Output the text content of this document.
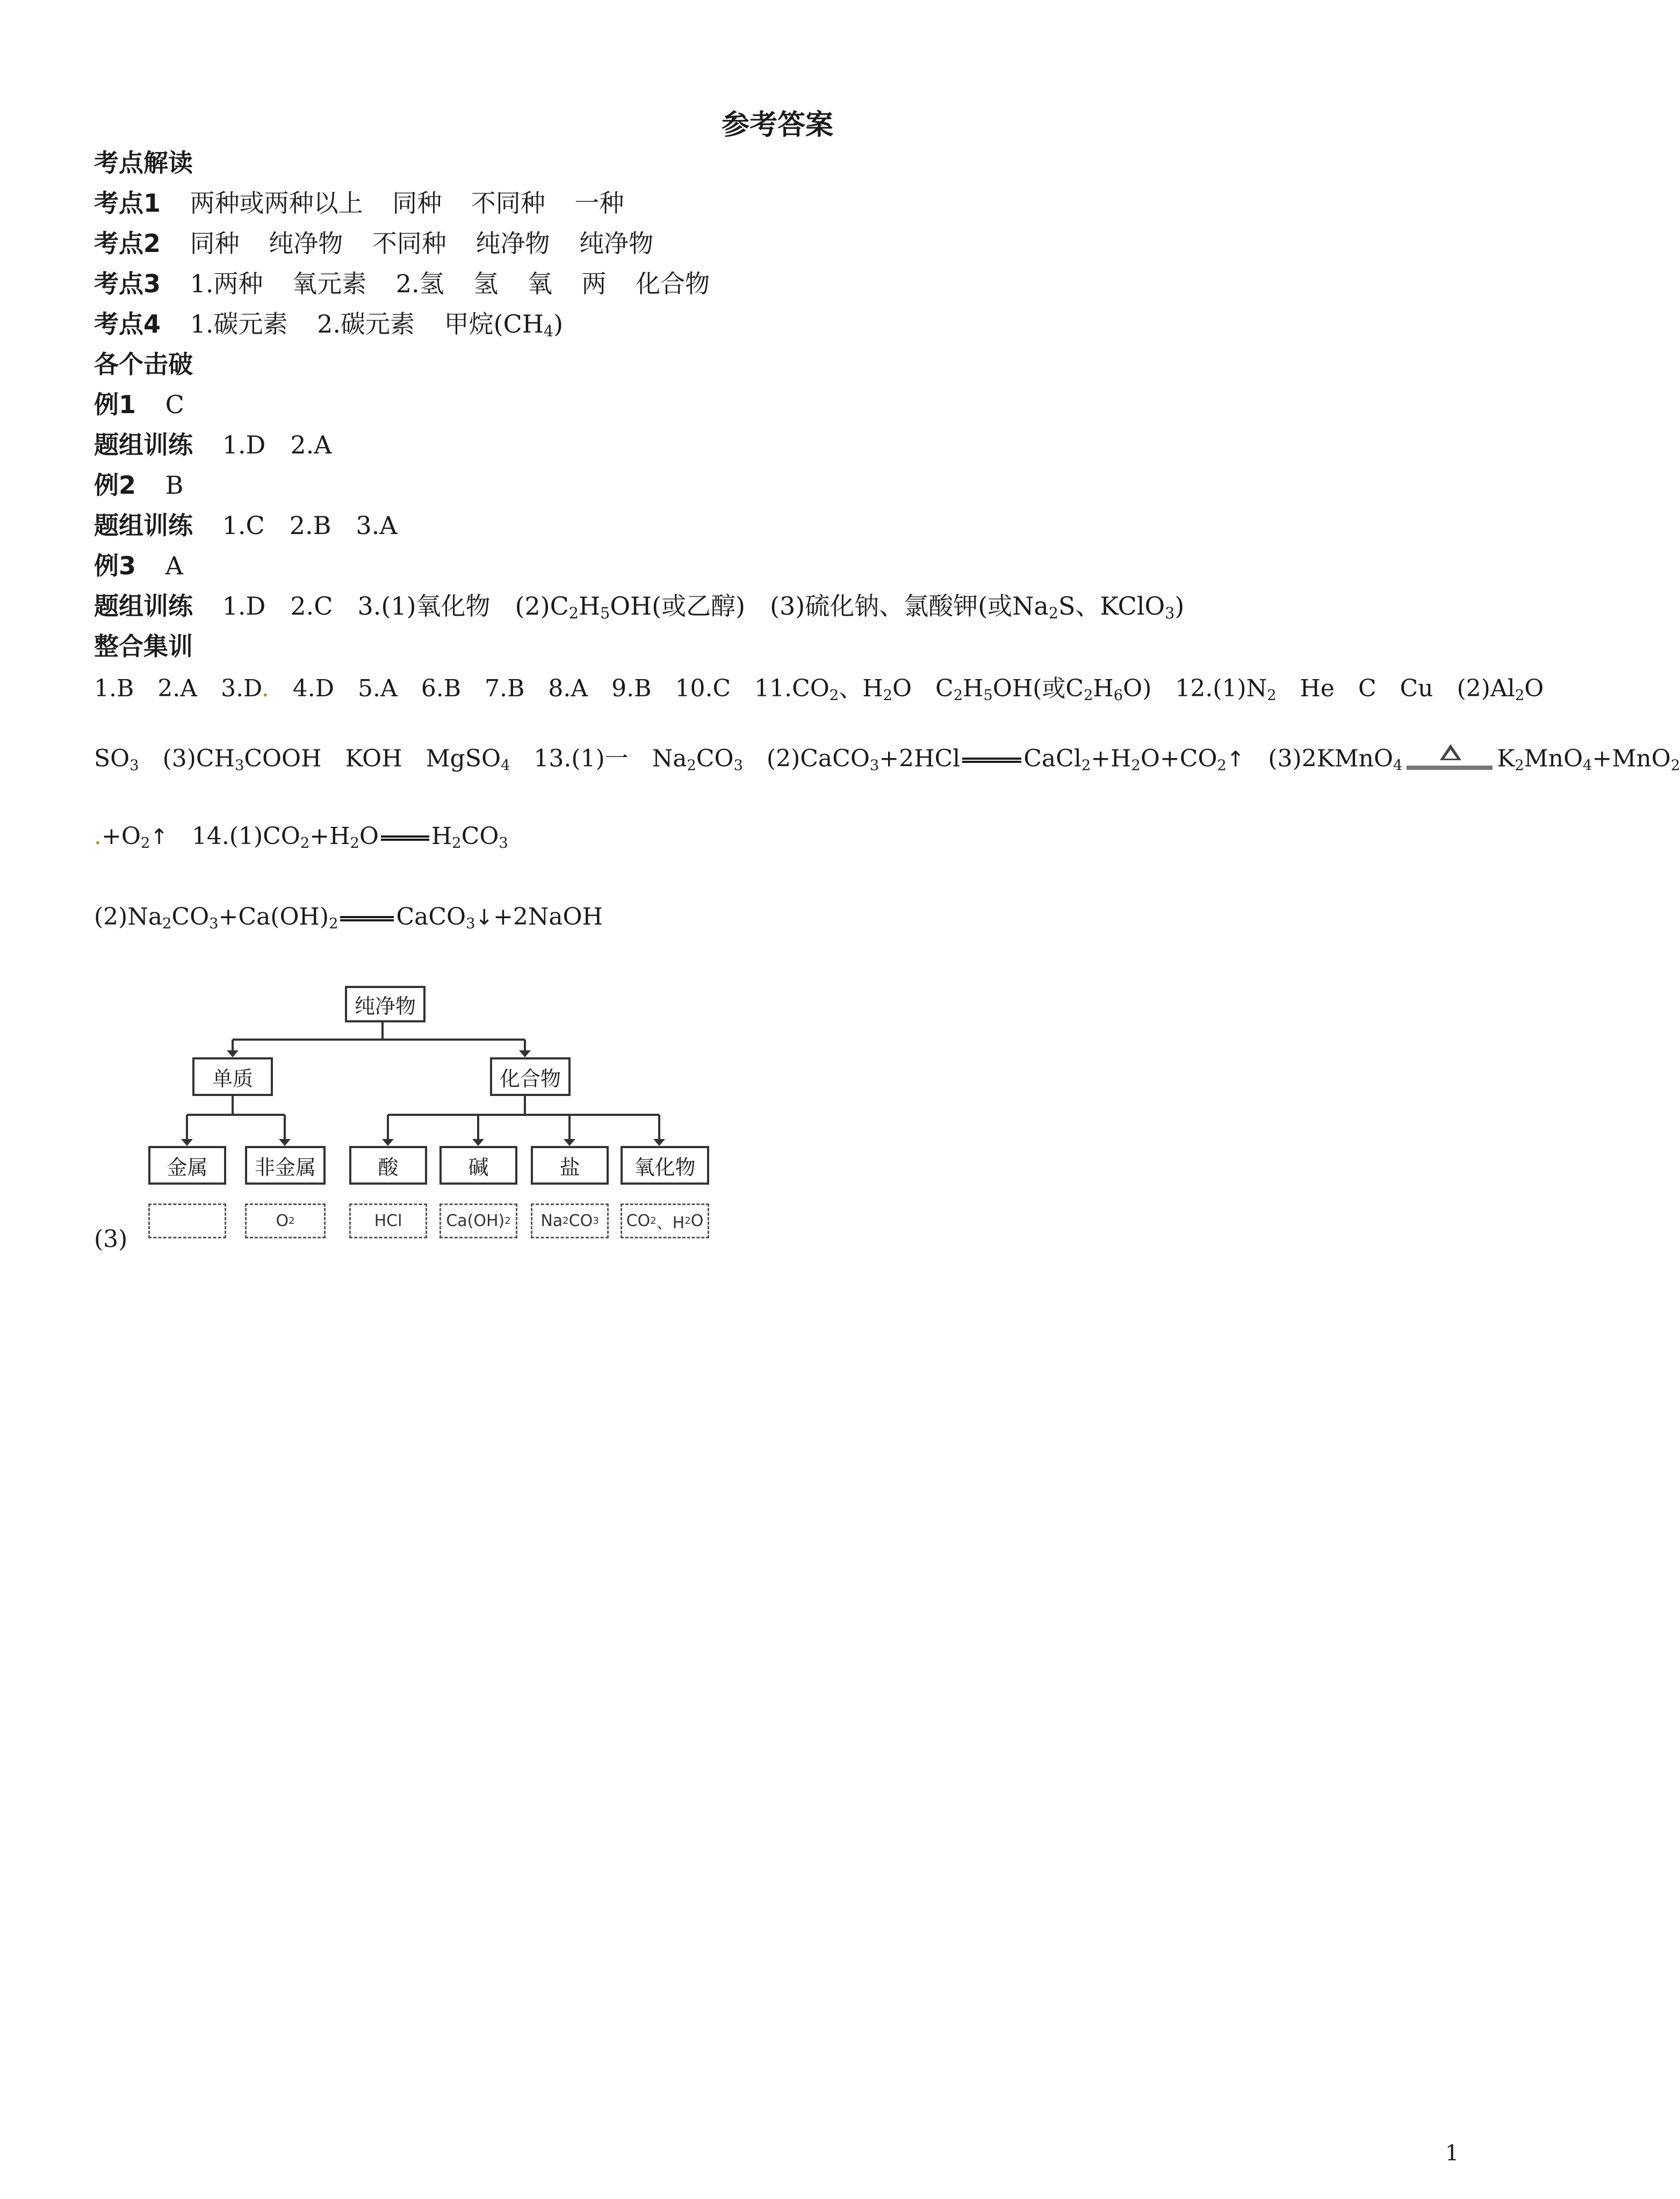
参考答案
考点解读
考点1 两种或两种以上 同种 不同种 一种
考点2 同种 纯净物 不同种 纯净物 纯净物
考点3 1.两种 氧元素 2.氢 氢 氧 两 化合物
考点4 1.碳元素 2.碳元素 甲烷$(CH_4)$
各个击破
例1 C
题组训练 1.D　2.A
例2 B
题组训练 1.C　2.B　3.A
例3 A
题组训练 1.D　2.C　3.(1)氧化物　$(2)C_2H_5OH$(或乙醇)　(3)硫化钠、氯酸钾(或$Na_2S$、KClO$_3$)
整合集训
1.B　2.A　3.D.　4.D　5.A　6.B　7.B　8.A　9.B　10.C　$11.CO_2$、$H_2O$　$C_2H_5OH$(或$C_2H_6O$)　$12.(1)N_2$　He　C　Cu　$(2)Al_2O$
$SO_3$　$(3)CH_3COOH$　KOH　MgSO$_4$　13.(1)一　$Na_2CO_3$　(2)CaCO$_3$+2HCl	$CaCl_2+H_2O+CO_2↑$　(3)2KMnO$_4$	$K_2MnO_4+MnO_2$
$.+O_2↑$　$14.(1)CO_2+H_2O$ $H_2CO_3$
$(2)Na_2CO_3+Ca(OH)_2$ CaCO$_3$↓+2NaOH
(3)
纯净物
单质	化合物
金属	非金属	酸	碱	盐	氧化物
O 2	HCl	Ca(OH) 2 Na 2 CO 3 CO 2 、H 2 O
1
